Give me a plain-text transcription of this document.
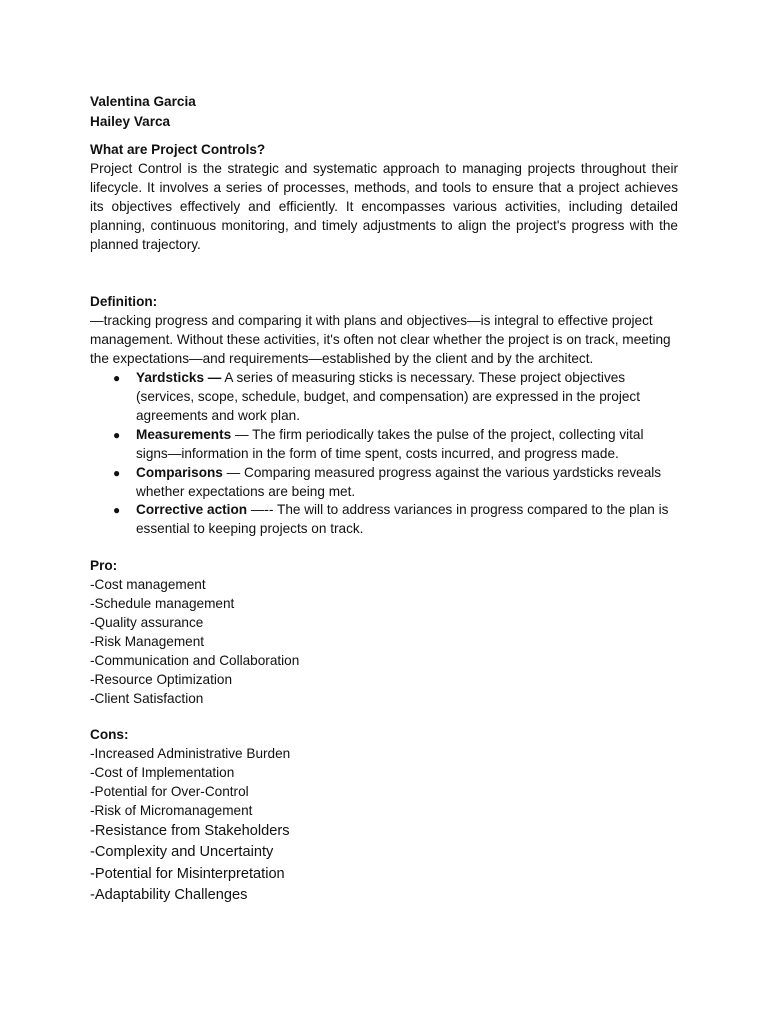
Valentina Garcia

Hailey Varca

What are Project Controls?

Project Control is the strategic and systematic approach to managing projects throughout their lifecycle. It involves a series of processes, methods, and tools to ensure that a project achieves its objectives effectively and efficiently. It encompasses various activities, including detailed planning, continuous monitoring, and timely adjustments to align the project's progress with the planned trajectory.

Definition:

—tracking progress and comparing it with plans and objectives—is integral to effective project management. Without these activities, it's often not clear whether the project is on track, meeting the expectations—and requirements—established by the client and by the architect.

● Yardsticks — A series of measuring sticks is necessary. These project objectives (services, scope, schedule, budget, and compensation) are expressed in the project agreements and work plan.
● Measurements — The firm periodically takes the pulse of the project, collecting vital signs—information in the form of time spent, costs incurred, and progress made.
● Comparisons — Comparing measured progress against the various yardsticks reveals whether expectations are being met.
● Corrective action —-- The will to address variances in progress compared to the plan is essential to keeping projects on track.

Pro:

-Cost management

-Schedule management

-Quality assurance

-Risk Management

-Communication and Collaboration

-Resource Optimization

-Client Satisfaction

Cons:

-Increased Administrative Burden

-Cost of Implementation

-Potential for Over-Control

-Risk of Micromanagement

-Resistance from Stakeholders

-Complexity and Uncertainty

-Potential for Misinterpretation

-Adaptability Challenges
